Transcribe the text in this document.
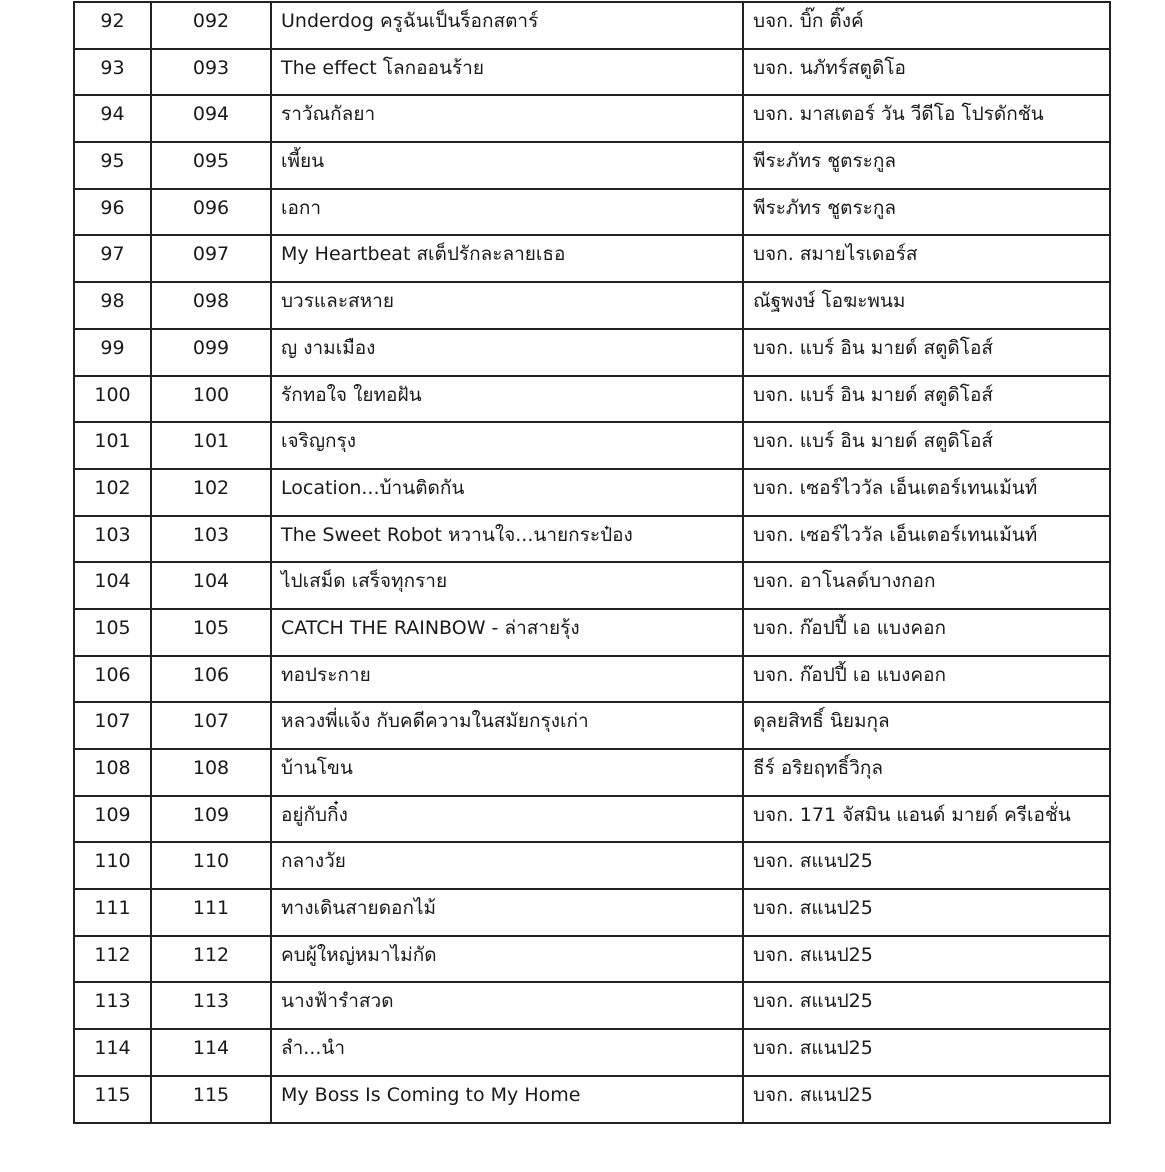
92	092	Underdog ครูฉันเป็นร็อกสตาร์	บจก. บิ๊ก ติ๊งค์

93	093	The effect โลกออนร้าย	บจก. นภัทร์สตูดิโอ

94	094	ราวัณกัลยา	บจก. มาสเตอร์ วัน วีดีโอ โปรดักชัน

95	095	เพี้ยน	พีระภัทร ชูตระกูล

96	096	เอกา	พีระภัทร ชูตระกูล

97	097	My Heartbeat สเต็ปรักละลายเธอ	บจก. สมายไรเดอร์ส

98	098	บวรและสหาย	ณัฐพงษ์ โอฆะพนม

99	099	ญ งามเมือง	บจก. แบร์ อิน มายด์ สตูดิโอส์

100	100	รักทอใจ ใยทอฝัน	บจก. แบร์ อิน มายด์ สตูดิโอส์

101	101	เจริญกรุง	บจก. แบร์ อิน มายด์ สตูดิโอส์

102	102	Location...บ้านติดกัน	บจก. เซอร์ไววัล เอ็นเตอร์เทนเม้นท์

103	103	The Sweet Robot หวานใจ...นายกระป๋อง	บจก. เซอร์ไววัล เอ็นเตอร์เทนเม้นท์

104	104	ไปเสม็ด เสร็จทุกราย	บจก. อาโนลด์บางกอก

105	105	CATCH THE RAINBOW - ล่าสายรุ้ง	บจก. ก๊อปปี้ เอ แบงคอก

106	106	ทอประกาย	บจก. ก๊อปปี้ เอ แบงคอก

107	107	หลวงพี่แจ้ง กับคดีความในสมัยกรุงเก่า	ดุลยสิทธิ์ นิยมกุล

108	108	บ้านโขน	ธีร์ อริยฤทธิ์วิกุล

109	109	อยู่กับกิ๋ง	บจก. 171 จัสมิน แอนด์ มายด์ ครีเอชั่น

110	110	กลางวัย	บจก. สแนป25

111	111	ทางเดินสายดอกไม้	บจก. สแนป25

112	112	คบผู้ใหญ่หมาไม่กัด	บจก. สแนป25

113	113	นางฟ้ารำสวด	บจก. สแนป25

114	114	ลำ...นำ	บจก. สแนป25

115	115	My Boss Is Coming to My Home	บจก. สแนป25
